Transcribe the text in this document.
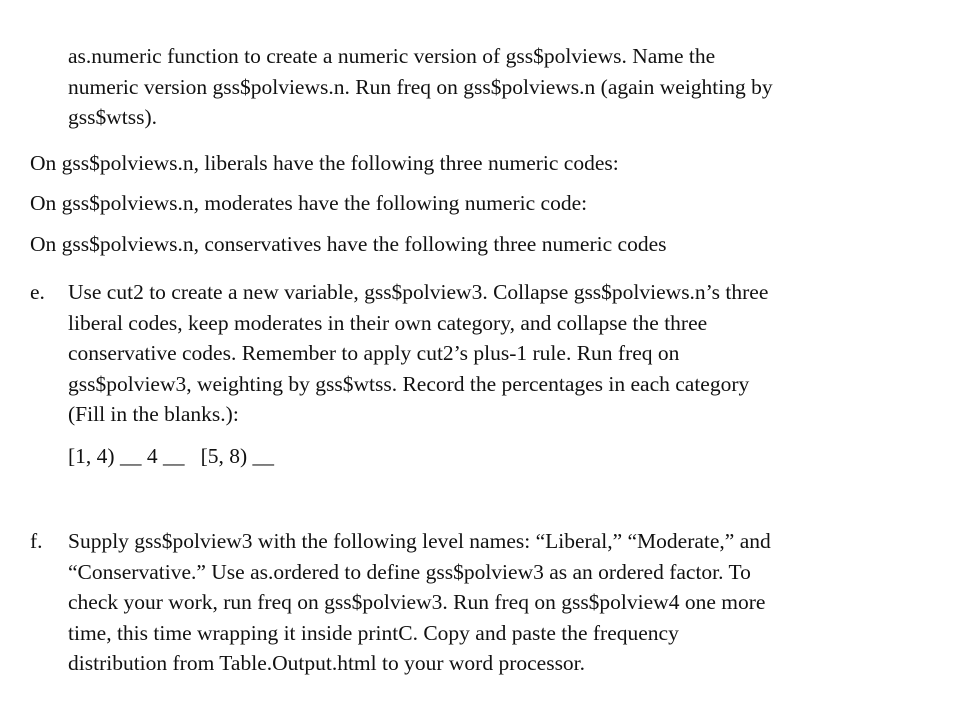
as.numeric function to create a numeric version of gss$polviews. Name the
numeric version gss$polviews.n. Run freq on gss$polviews.n (again weighting by
gss$wtss).
On gss$polviews.n, liberals have the following three numeric codes:
On gss$polviews.n, moderates have the following numeric code:
On gss$polviews.n, conservatives have the following three numeric codes
e. Use cut2 to create a new variable, gss$polview3. Collapse gss$polviews.n’s three
liberal codes, keep moderates in their own category, and collapse the three
conservative codes. Remember to apply cut2’s plus-1 rule. Run freq on
gss$polview3, weighting by gss$wtss. Record the percentages in each category
(Fill in the blanks.):
[1, 4) __ 4 __   [5, 8) __
f. Supply gss$polview3 with the following level names: “Liberal,” “Moderate,” and
“Conservative.” Use as.ordered to define gss$polview3 as an ordered factor. To
check your work, run freq on gss$polview3. Run freq on gss$polview4 one more
time, this time wrapping it inside printC. Copy and paste the frequency
distribution from Table.Output.html to your word processor.
